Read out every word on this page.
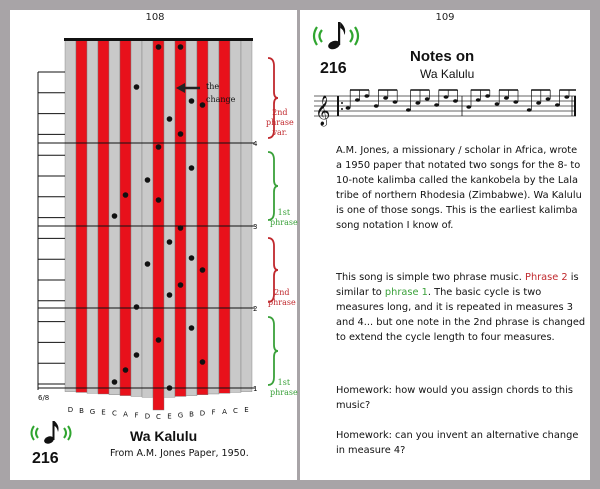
108
4
3
2
1
6/8
D B G E C A F D C E G B D F A C E
the
change
2nd
phrase
var.
1st
phrase
2nd
phrase
1st
phrase
216
Wa Kalulu
From A.M. Jones Paper, 1950.
109
216
Notes on
Wa Kalulu
𝄞
A.M. Jones, a missionary / scholar in Africa, wrote a 1950 paper that notated two songs for the 8- to 10-note kalimba called the kankobela by the Lala tribe of northern Rhodesia (Zimbabwe). Wa Kalulu is one of those songs. This is the earliest kalimba song notation I know of.
This song is simple two phrase music. Phrase 2 is similar to phrase 1. The basic cycle is two measures long, and it is repeated in measures 3 and 4... but one note in the 2nd phrase is changed to extend the cycle length to four measures.
Homework: how would you assign chords to this music?
Homework: can you invent an alternative change in measure 4?
